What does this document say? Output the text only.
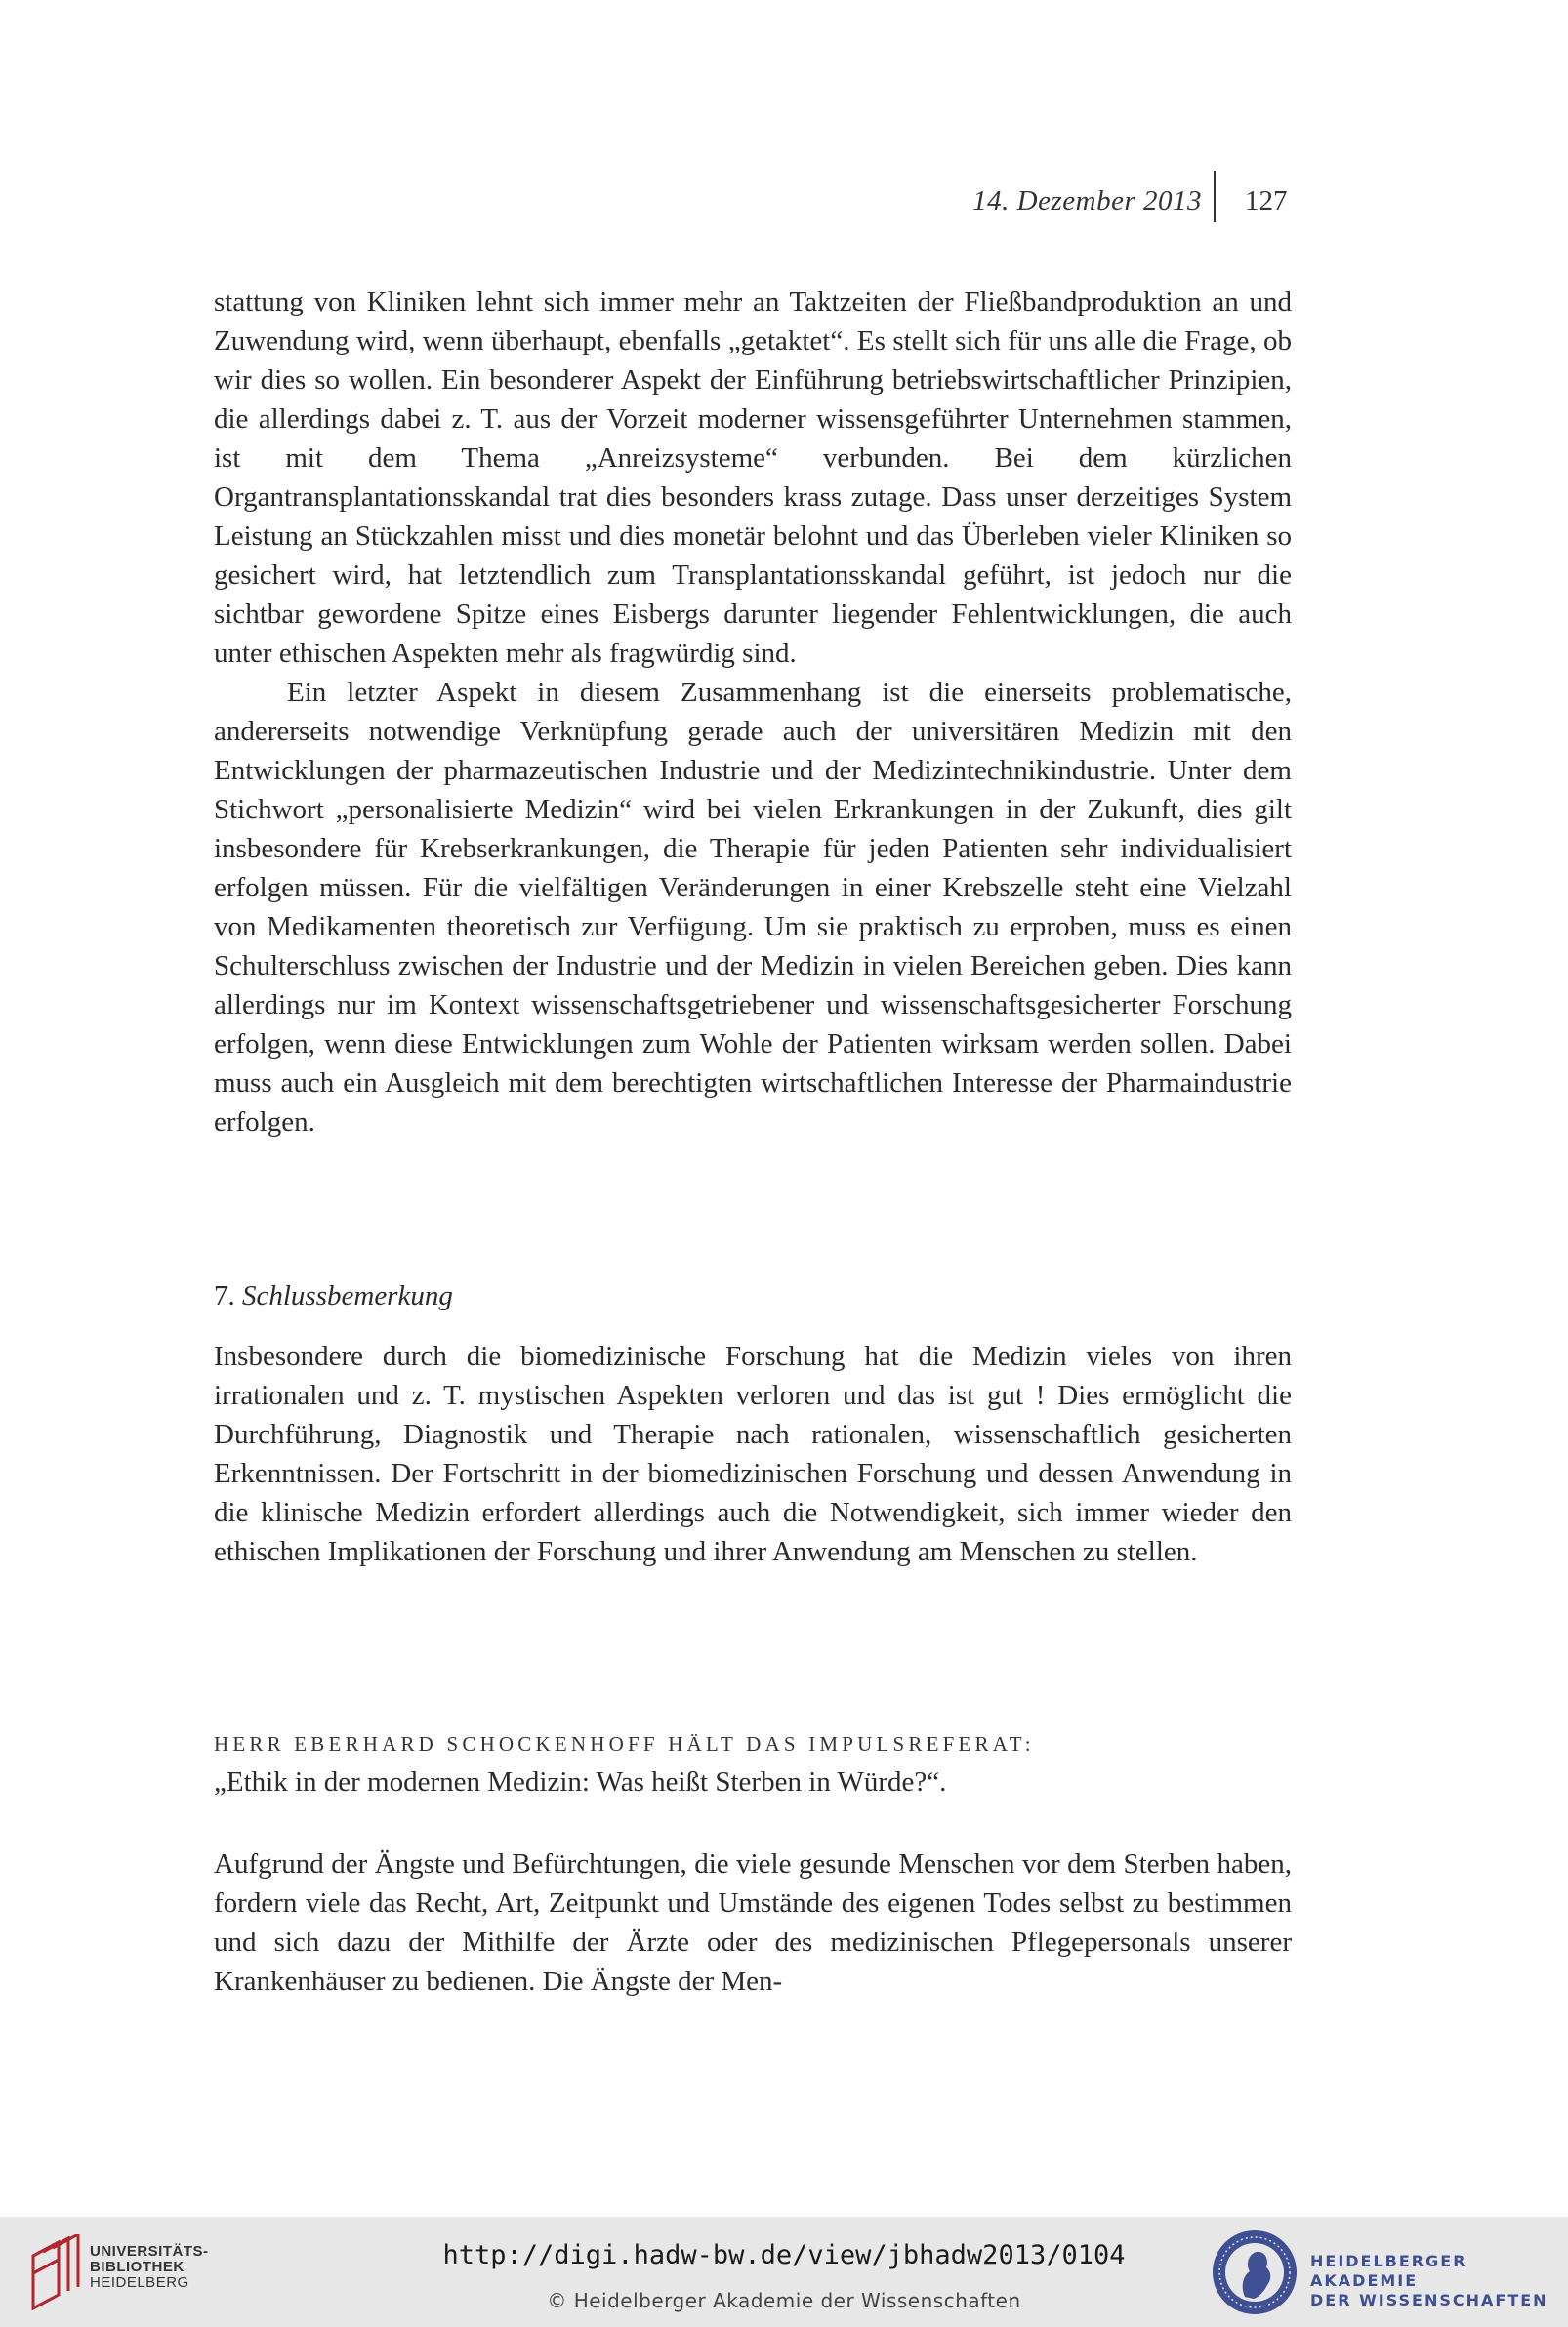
14. Dezember 2013 127

stattung von Kliniken lehnt sich immer mehr an Taktzeiten der Fließbandproduktion an und Zuwendung wird, wenn überhaupt, ebenfalls „getaktet“. Es stellt sich für uns alle die Frage, ob wir dies so wollen. Ein besonderer Aspekt der Einführung betriebswirtschaftlicher Prinzipien, die allerdings dabei z. T. aus der Vorzeit moderner wissensgeführter Unternehmen stammen, ist mit dem Thema „Anreizsysteme“ verbunden. Bei dem kürzlichen Organtransplantationsskandal trat dies besonders krass zutage. Dass unser derzeitiges System Leistung an Stückzahlen misst und dies monetär belohnt und das Überleben vieler Kliniken so gesichert wird, hat letztendlich zum Transplantationsskandal geführt, ist jedoch nur die sichtbar gewordene Spitze eines Eisbergs darunter liegender Fehlentwicklungen, die auch unter ethischen Aspekten mehr als fragwürdig sind.

Ein letzter Aspekt in diesem Zusammenhang ist die einerseits problematische, andererseits notwendige Verknüpfung gerade auch der universitären Medizin mit den Entwicklungen der pharmazeutischen Industrie und der Medizintechnikindustrie. Unter dem Stichwort „personalisierte Medizin“ wird bei vielen Erkrankungen in der Zukunft, dies gilt insbesondere für Krebserkrankungen, die Therapie für jeden Patienten sehr individualisiert erfolgen müssen. Für die vielfältigen Veränderungen in einer Krebszelle steht eine Vielzahl von Medikamenten theoretisch zur Verfügung. Um sie praktisch zu erproben, muss es einen Schulterschluss zwischen der Industrie und der Medizin in vielen Bereichen geben. Dies kann allerdings nur im Kontext wissenschaftsgetriebener und wissenschaftsgesicherter Forschung erfolgen, wenn diese Entwicklungen zum Wohle der Patienten wirksam werden sollen. Dabei muss auch ein Ausgleich mit dem berechtigten wirtschaftlichen Interesse der Pharmaindustrie erfolgen.

7. Schlussbemerkung

Insbesondere durch die biomedizinische Forschung hat die Medizin vieles von ihren irrationalen und z. T. mystischen Aspekten verloren und das ist gut ! Dies ermöglicht die Durchführung, Diagnostik und Therapie nach rationalen, wissenschaftlich gesicherten Erkenntnissen. Der Fortschritt in der biomedizinischen Forschung und dessen Anwendung in die klinische Medizin erfordert allerdings auch die Notwendigkeit, sich immer wieder den ethischen Implikationen der Forschung und ihrer Anwendung am Menschen zu stellen.

HERR EBERHARD SCHOCKENHOFF HÄLT DAS IMPULSREFERAT:
„Ethik in der modernen Medizin: Was heißt Sterben in Würde?“.

Aufgrund der Ängste und Befürchtungen, die viele gesunde Menschen vor dem Sterben haben, fordern viele das Recht, Art, Zeitpunkt und Umstände des eigenen Todes selbst zu bestimmen und sich dazu der Mithilfe der Ärzte oder des medizinischen Pflegepersonals unserer Krankenhäuser zu bedienen. Die Ängste der Men-

UNIVERSITÄTS-
BIBLIOTHEK
HEIDELBERG
http://digi.hadw-bw.de/view/jbhadw2013/0104
© Heidelberger Akademie der Wissenschaften
HEIDELBERGER AKADEMIE
DER WISSENSCHAFTEN
